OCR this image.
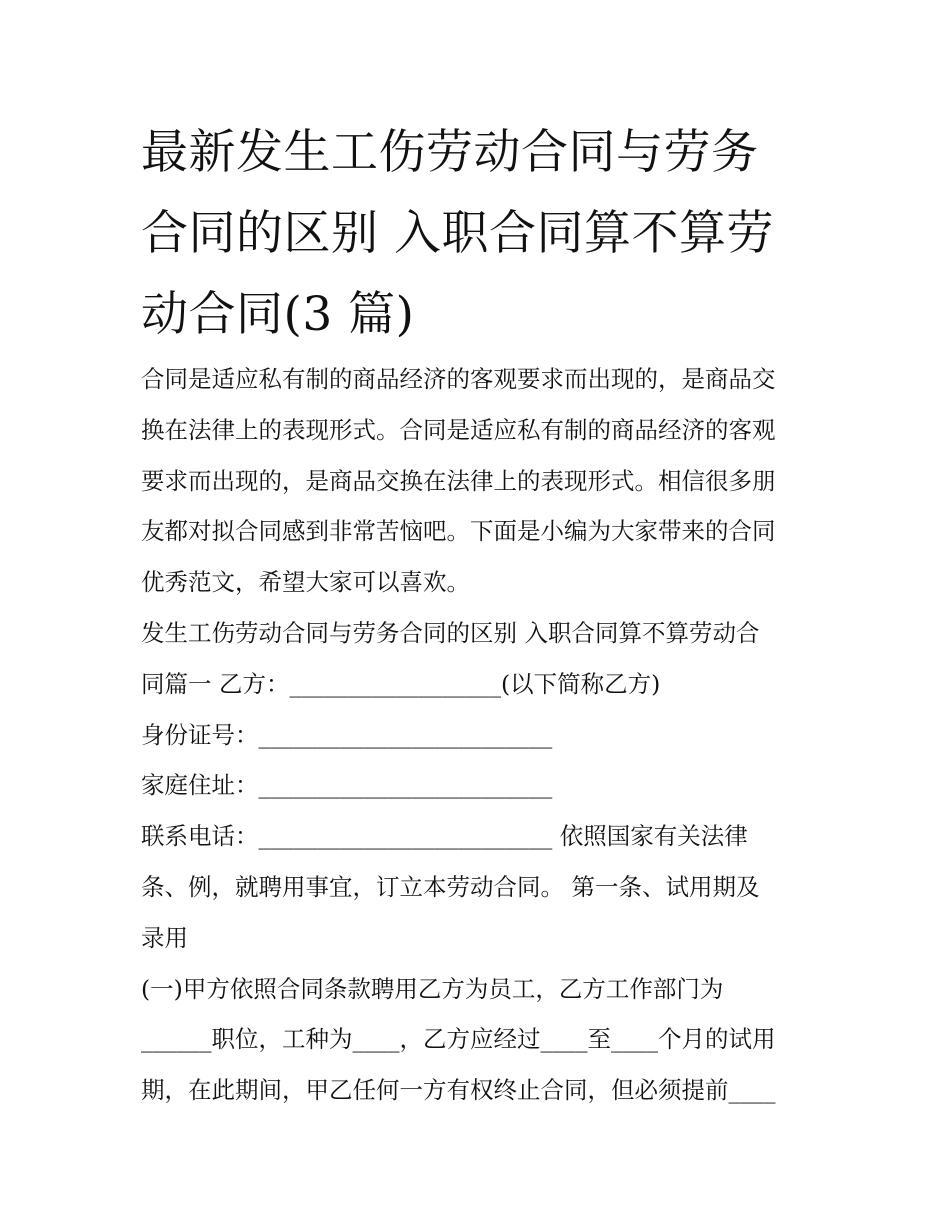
最新发生工伤劳动合同与劳务
合同的区别 入职合同算不算劳
动合同(3 篇)

合同是适应私有制的商品经济的客观要求而出现的，是商品交
换在法律上的表现形式。合同是适应私有制的商品经济的客观
要求而出现的，是商品交换在法律上的表现形式。相信很多朋
友都对拟合同感到非常苦恼吧。下面是小编为大家带来的合同
优秀范文，希望大家可以喜欢。

发生工伤劳动合同与劳务合同的区别 入职合同算不算劳动合
同篇一 乙方：__________________(以下简称乙方)

身份证号：_________________________

家庭住址：_________________________

联系电话：_________________________ 依照国家有关法律
条、例，就聘用事宜，订立本劳动合同。 第一条、试用期及
录用

(一)甲方依照合同条款聘用乙方为员工，乙方工作部门为
______职位，工种为____，乙方应经过____至____个月的试用
期，在此期间，甲乙任何一方有权终止合同，但必须提前____
